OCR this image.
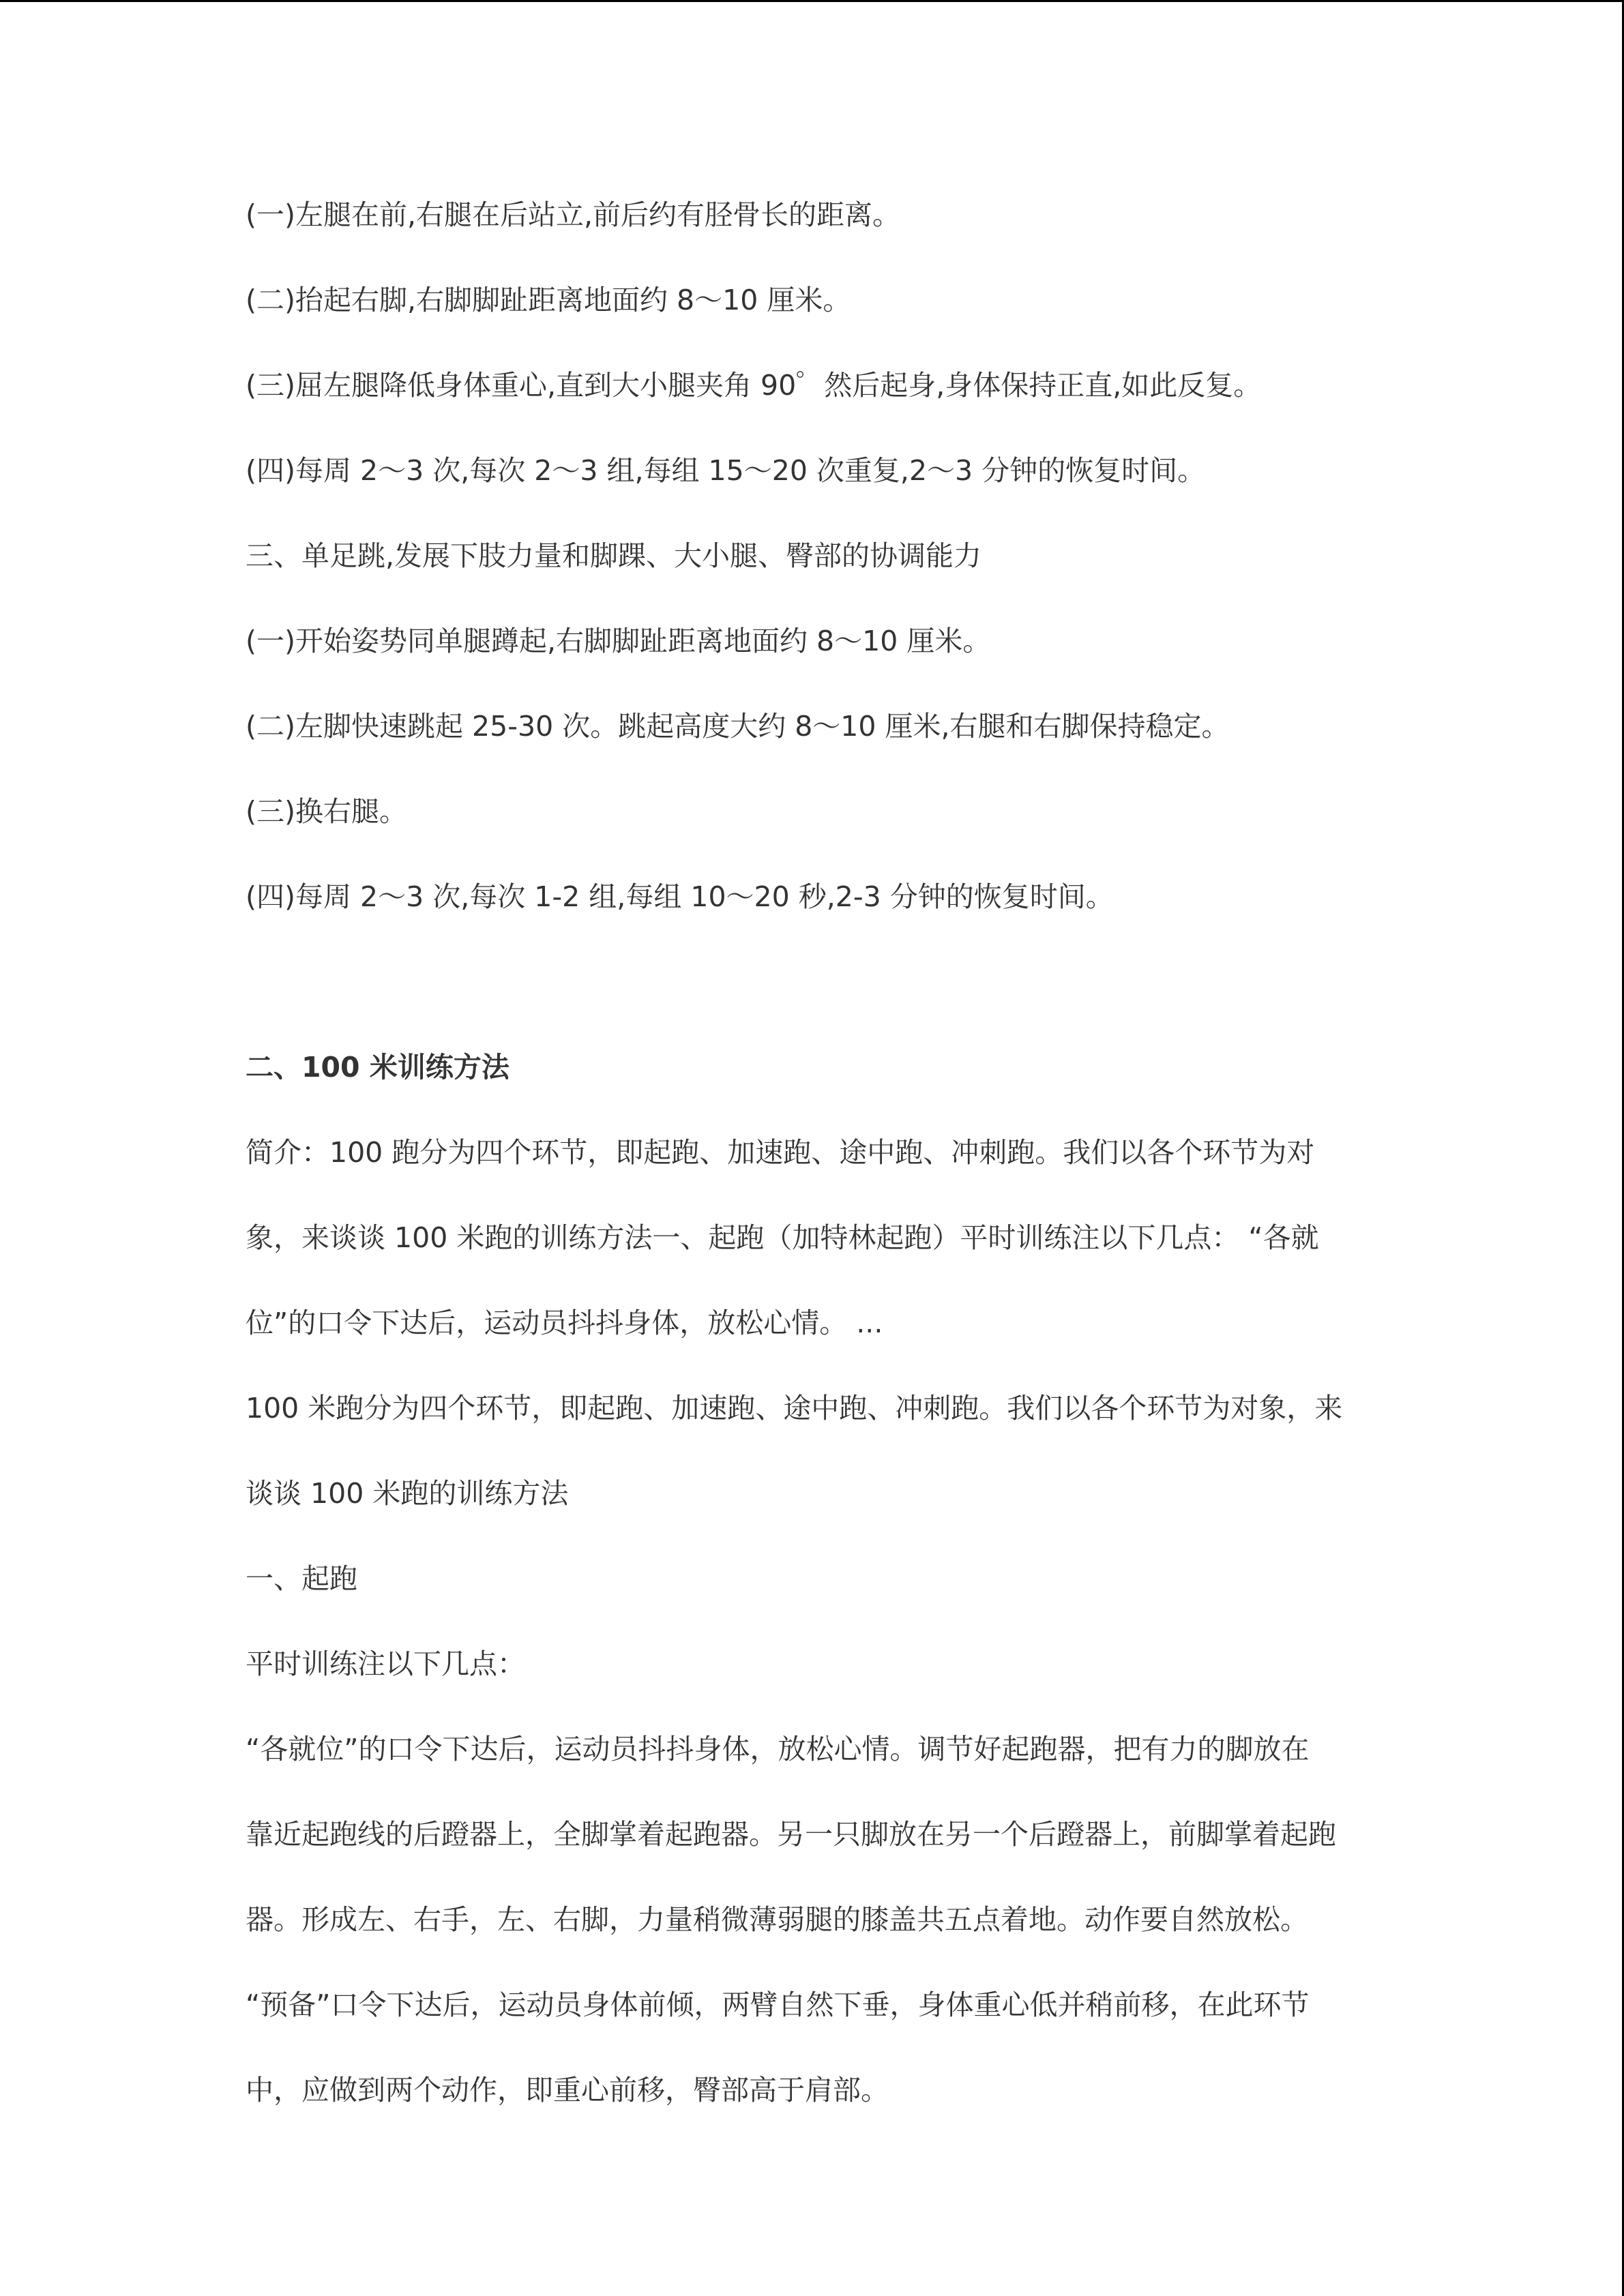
(一)左腿在前,右腿在后站立,前后约有胫骨长的距离。
(二)抬起右脚,右脚脚趾距离地面约 8～10 厘米。
(三)屈左腿降低身体重心,直到大小腿夹角 90゜然后起身,身体保持正直,如此反复。
(四)每周 2～3 次,每次 2～3 组,每组 15～20 次重复,2～3 分钟的恢复时间。
三、单足跳,发展下肢力量和脚踝、大小腿、臀部的协调能力
(一)开始姿势同单腿蹲起,右脚脚趾距离地面约 8～10 厘米。
(二)左脚快速跳起 25-30 次。跳起高度大约 8～10 厘米,右腿和右脚保持稳定。
(三)换右腿。
(四)每周 2～3 次,每次 1-2 组,每组 10～20 秒,2-3 分钟的恢复时间。
二、100 米训练方法
简介：100 跑分为四个环节，即起跑、加速跑、途中跑、冲刺跑。我们以各个环节为对
象，来谈谈 100 米跑的训练方法一、起跑（加特林起跑）平时训练注以下几点： “各就
位”的口令下达后，运动员抖抖身体，放松心情。 ...
100 米跑分为四个环节，即起跑、加速跑、途中跑、冲刺跑。我们以各个环节为对象，来
谈谈 100 米跑的训练方法
一、起跑
平时训练注以下几点：
“各就位”的口令下达后，运动员抖抖身体，放松心情。调节好起跑器，把有力的脚放在
靠近起跑线的后蹬器上，全脚掌着起跑器。另一只脚放在另一个后蹬器上，前脚掌着起跑
器。形成左、右手，左、右脚，力量稍微薄弱腿的膝盖共五点着地。动作要自然放松。
“预备”口令下达后，运动员身体前倾，两臂自然下垂，身体重心低并稍前移，在此环节
中，应做到两个动作，即重心前移，臀部高于肩部。
